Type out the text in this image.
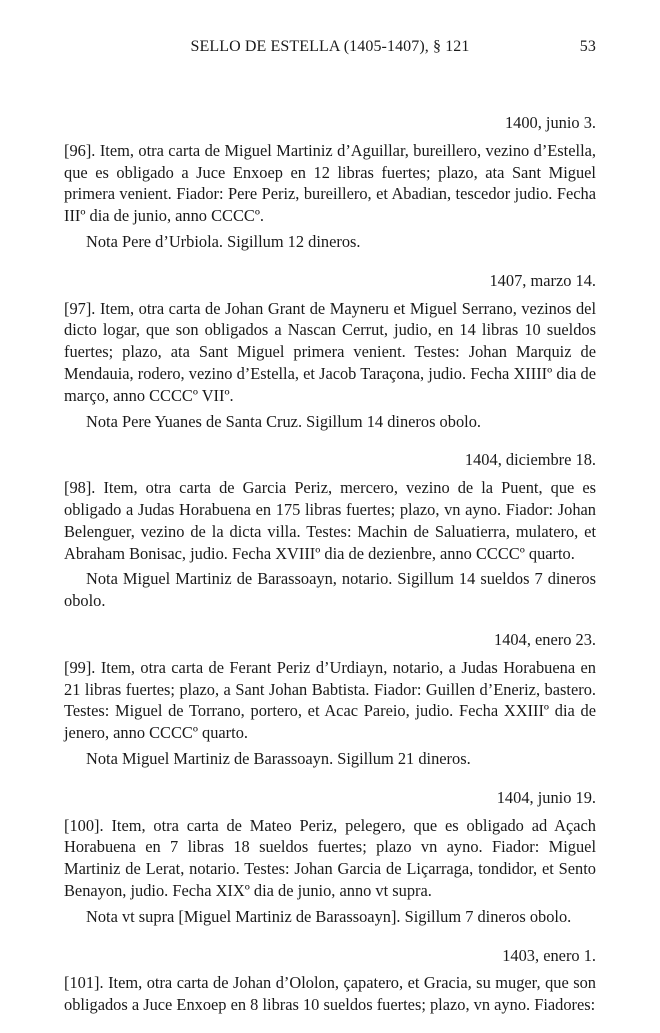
SELLO DE ESTELLA (1405-1407), § 121	53
1400, junio 3.

[96]. Item, otra carta de Miguel Martiniz d’Aguillar, bureillero, vezino d’Estella, que es obligado a Juce Enxoep en 12 libras fuertes; plazo, ata Sant Miguel primera venient. Fiador: Pere Periz, bureillero, et Abadian, tescedor judio. Fecha IIIº dia de junio, anno CCCCº.

Nota Pere d’Urbiola. Sigillum 12 dineros.

1407, marzo 14.

[97]. Item, otra carta de Johan Grant de Mayneru et Miguel Serrano, vezinos del dicto logar, que son obligados a Nascan Cerrut, judio, en 14 libras 10 sueldos fuertes; plazo, ata Sant Miguel primera venient. Testes: Johan Marquiz de Mendauia, rodero, vezino d’Estella, et Jacob Taraçona, judio. Fecha XIIIIº dia de março, anno CCCCº VIIº.

Nota Pere Yuanes de Santa Cruz. Sigillum 14 dineros obolo.

1404, diciembre 18.

[98]. Item, otra carta de Garcia Periz, mercero, vezino de la Puent, que es obligado a Judas Horabuena en 175 libras fuertes; plazo, vn ayno. Fiador: Johan Belenguer, vezino de la dicta villa. Testes: Machin de Saluatierra, mulatero, et Abraham Bonisac, judio. Fecha XVIIIº dia de dezienbre, anno CCCCº quarto.

Nota Miguel Martiniz de Barassoayn, notario. Sigillum 14 sueldos 7 dineros obolo.

1404, enero 23.

[99]. Item, otra carta de Ferant Periz d’Urdiayn, notario, a Judas Horabuena en 21 libras fuertes; plazo, a Sant Johan Babtista. Fiador: Guillen d’Eneriz, bastero. Testes: Miguel de Torrano, portero, et Acac Pareio, judio. Fecha XXIIIº dia de jenero, anno CCCCº quarto.

Nota Miguel Martiniz de Barassoayn. Sigillum 21 dineros.

1404, junio 19.

[100]. Item, otra carta de Mateo Periz, pelegero, que es obligado ad Açach Horabuena en 7 libras 18 sueldos fuertes; plazo vn ayno. Fiador: Miguel Martiniz de Lerat, notario. Testes: Johan Garcia de Liçarraga, tondidor, et Sento Benayon, judio. Fecha XIXº dia de junio, anno vt supra.

Nota vt supra [Miguel Martiniz de Barassoayn]. Sigillum 7 dineros obolo.

1403, enero 1.

[101]. Item, otra carta de Johan d’Ololon, çapatero, et Gracia, su muger, que son obligados a Juce Enxoep en 8 libras 10 sueldos fuertes; plazo, vn ayno. Fiadores:
